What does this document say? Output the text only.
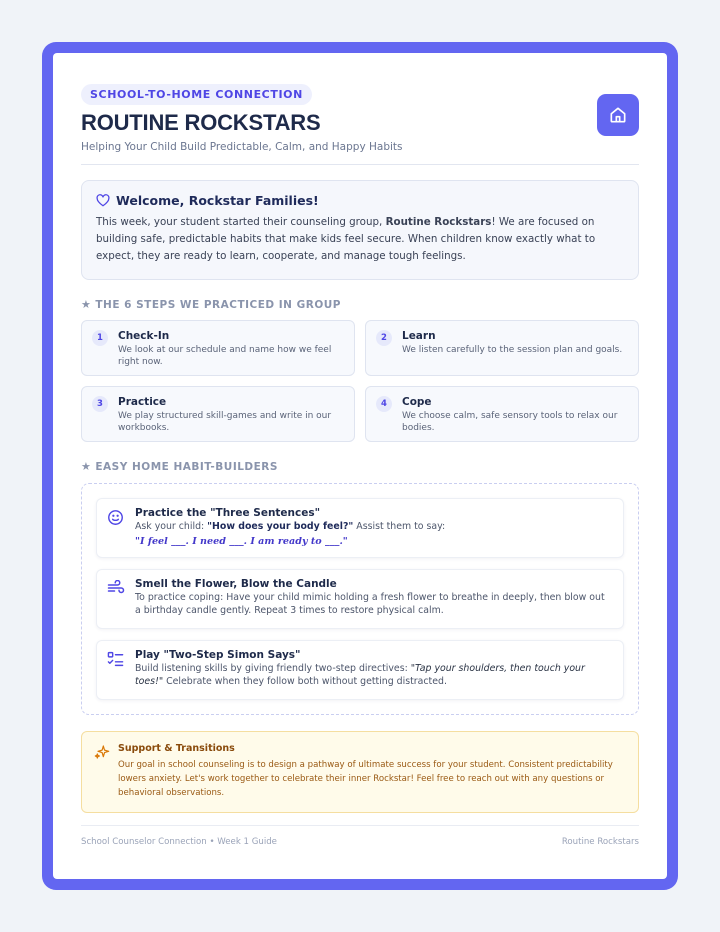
SCHOOL-TO-HOME CONNECTION
ROUTINE ROCKSTARS
Helping Your Child Build Predictable, Calm, and Happy Habits
Welcome, Rockstar Families!
This week, your student started their counseling group, Routine Rockstars! We are focused on building safe, predictable habits that make kids feel secure. When children know exactly what to expect, they are ready to learn, cooperate, and manage tough feelings.
★ THE 6 STEPS WE PRACTICED IN GROUP
1	Check-In
We look at our schedule and name how we feel right now.
2	Learn
We listen carefully to the session plan and goals.
3	Practice
We play structured skill-games and write in our workbooks.
4	Cope
We choose calm, safe sensory tools to relax our bodies.
★ EASY HOME HABIT-BUILDERS
Practice the "Three Sentences"
Ask your child: "How does your body feel?" Assist them to say:
"I feel ___. I need ___. I am ready to ___."
Smell the Flower, Blow the Candle
To practice coping: Have your child mimic holding a fresh flower to breathe in deeply, then blow out a birthday candle gently. Repeat 3 times to restore physical calm.
Play "Two-Step Simon Says"
Build listening skills by giving friendly two-step directives: "Tap your shoulders, then touch your toes!" Celebrate when they follow both without getting distracted.
Support & Transitions
Our goal in school counseling is to design a pathway of ultimate success for your student. Consistent predictability lowers anxiety. Let's work together to celebrate their inner Rockstar! Feel free to reach out with any questions or behavioral observations.
School Counselor Connection • Week 1 Guide	Routine Rockstars
